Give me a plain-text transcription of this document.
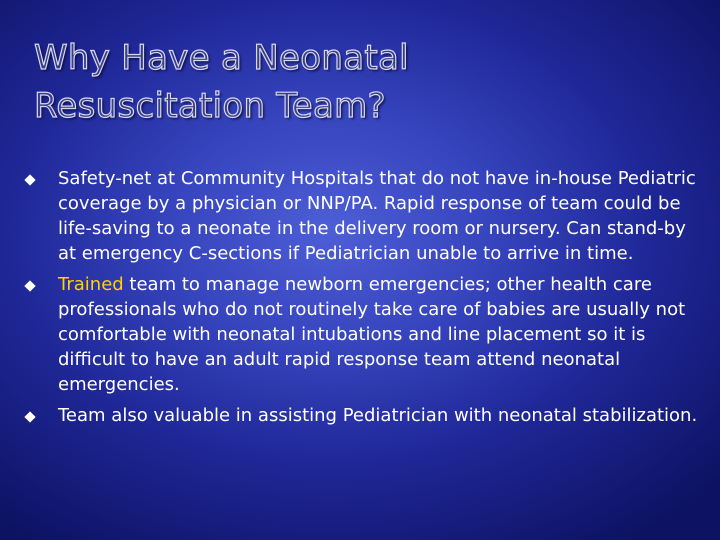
Why Have a Neonatal
Resuscitation Team?
Safety-net at Community Hospitals that do not have in-house Pediatric coverage by a physician or NNP/PA. Rapid response of team could be life-saving to a neonate in the delivery room or nursery. Can stand-by at emergency C-sections if Pediatrician unable to arrive in time.
Trained team to manage newborn emergencies; other health care professionals who do not routinely take care of babies are usually not comfortable with neonatal intubations and line placement so it is difficult to have an adult rapid response team attend neonatal emergencies.
Team also valuable in assisting Pediatrician with neonatal stabilization.
